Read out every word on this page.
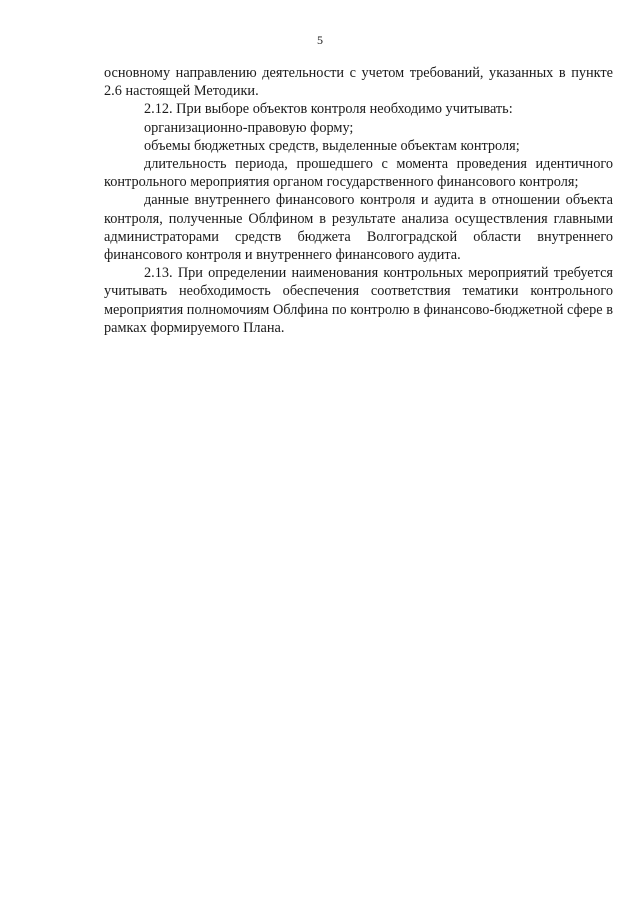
5

основному направлению деятельности с учетом требований, указанных в пункте 2.6 настоящей Методики.

2.12. При выборе объектов контроля необходимо учитывать:

организационно-правовую форму;

объемы бюджетных средств, выделенные объектам контроля;

длительность периода, прошедшего с момента проведения идентичного контрольного мероприятия органом государственного финансового контроля;

данные внутреннего финансового контроля и аудита в отношении объекта контроля, полученные Облфином в результате анализа осуществления главными администраторами средств бюджета Волгоградской области внутреннего финансового контроля и внутреннего финансового аудита.

2.13. При определении наименования контрольных мероприятий требуется учитывать необходимость обеспечения соответствия тематики контрольного мероприятия полномочиям Облфина по контролю в финансово-бюджетной сфере в рамках формируемого Плана.
